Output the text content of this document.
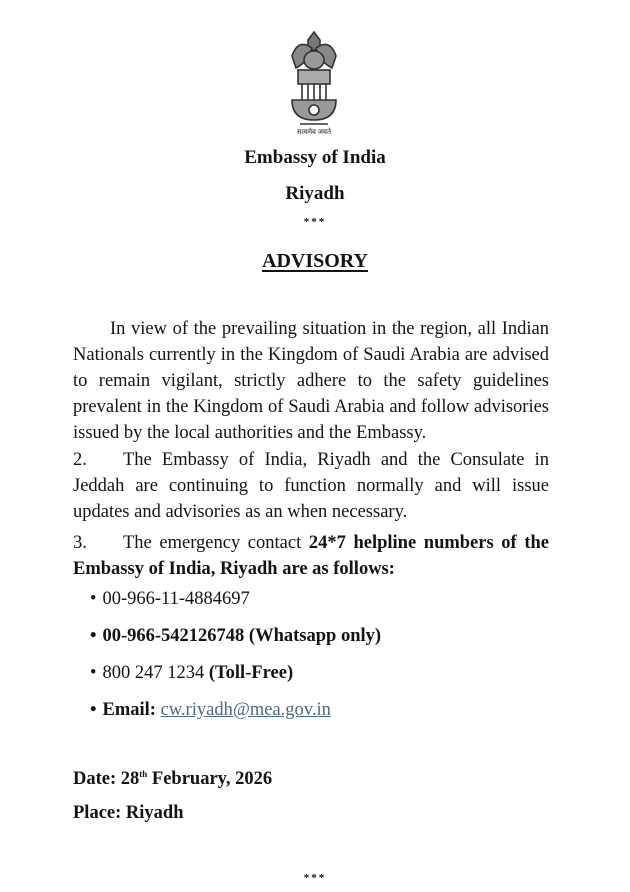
सत्यमेव जयते
Embassy of India
Riyadh
***
ADVISORY
In view of the prevailing situation in the region, all Indian Nationals currently in the Kingdom of Saudi Arabia are advised to remain vigilant, strictly adhere to the safety guidelines prevalent in the Kingdom of Saudi Arabia and follow advisories issued by the local authorities and the Embassy.
2. The Embassy of India, Riyadh and the Consulate in Jeddah are continuing to function normally and will issue updates and advisories as an when necessary.
3. The emergency contact 24*7 helpline numbers of the Embassy of India, Riyadh are as follows:
• 00-966-11-4884697
• 00-966-542126748 (Whatsapp only)
• 800 247 1234 (Toll-Free)
• Email: cw.riyadh@mea.gov.in
Date: 28th February, 2026
Place: Riyadh
***
